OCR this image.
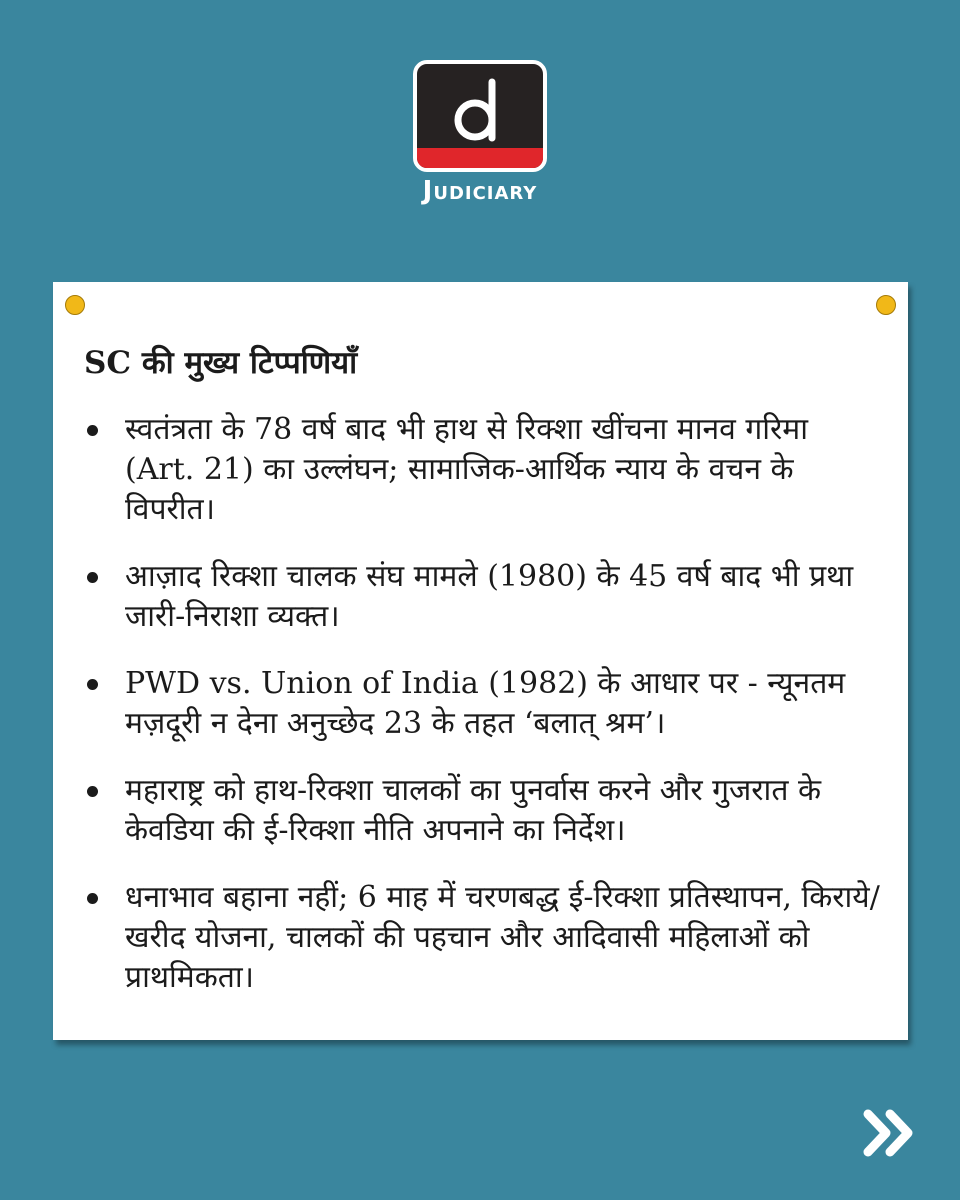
Judiciary
SC की मुख्य टिप्पणियाँ
स्वतंत्रता के 78 वर्ष बाद भी हाथ से रिक्शा खींचना मानव गरिमा (Art. 21) का उल्लंघन; सामाजिक-आर्थिक न्याय के वचन के विपरीत।
आज़ाद रिक्शा चालक संघ मामले (1980) के 45 वर्ष बाद भी प्रथा जारी-निराशा व्यक्त।
PWD vs. Union of India (1982) के आधार पर - न्यूनतम मज़दूरी न देना अनुच्छेद 23 के तहत ‘बलात् श्रम’।
महाराष्ट्र को हाथ-रिक्शा चालकों का पुनर्वास करने और गुजरात के केवडिया की ई-रिक्शा नीति अपनाने का निर्देश।
धनाभाव बहाना नहीं; 6 माह में चरणबद्ध ई-रिक्शा प्रतिस्थापन, किराये/खरीद योजना, चालकों की पहचान और आदिवासी महिलाओं को प्राथमिकता।
